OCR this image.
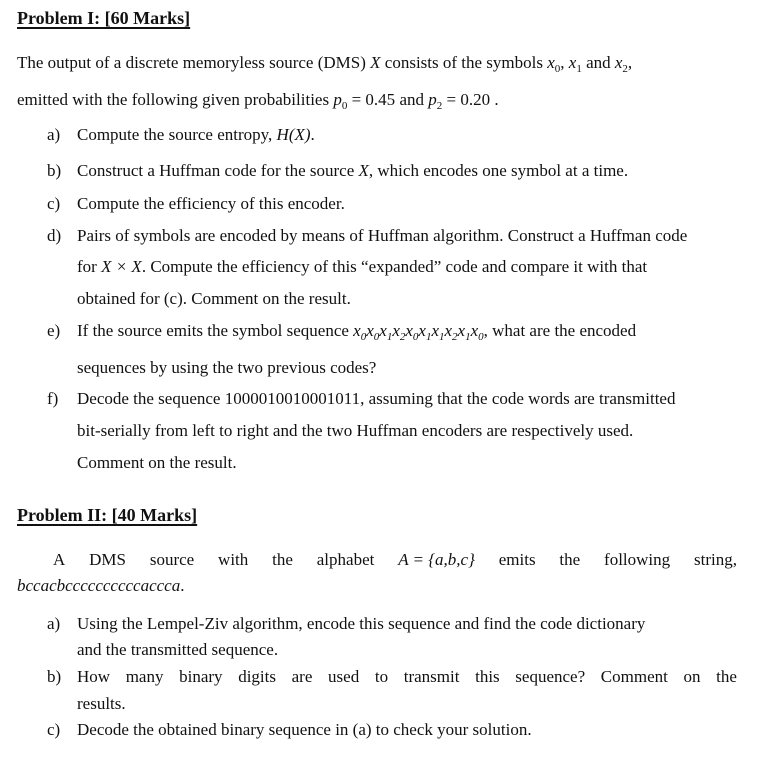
Problem I: [60 Marks]
The output of a discrete memoryless source (DMS) X consists of the symbols $x_0$, $x_1$ and $x_2$,
emitted with the following given probabilities $p_0 = 0.45$ and $p_2 = 0.20$ .
a) Compute the source entropy, H(X).
b) Construct a Huffman code for the source X, which encodes one symbol at a time.
c) Compute the efficiency of this encoder.
d) Pairs of symbols are encoded by means of Huffman algorithm. Construct a Huffman code
for X × X. Compute the efficiency of this “expanded” code and compare it with that
obtained for (c). Comment on the result.
e) If the source emits the symbol sequence $x_0x_0x_1x_2x_0x_1x_1x_2x_1x_0$, what are the encoded
sequences by using the two previous codes?
f) Decode the sequence 1000010010001011, assuming that the code words are transmitted
bit-serially from left to right and the two Huffman encoders are respectively used.
Comment on the result.
Problem II: [40 Marks]
A DMS source with the alphabet A = {a,b,c} emits the following string,
bccacbccccccccccaccca.
a) Using the Lempel-Ziv algorithm, encode this sequence and find the code dictionary
and the transmitted sequence.
b) How many binary digits are used to transmit this sequence? Comment on the
results.
c) Decode the obtained binary sequence in (a) to check your solution.
